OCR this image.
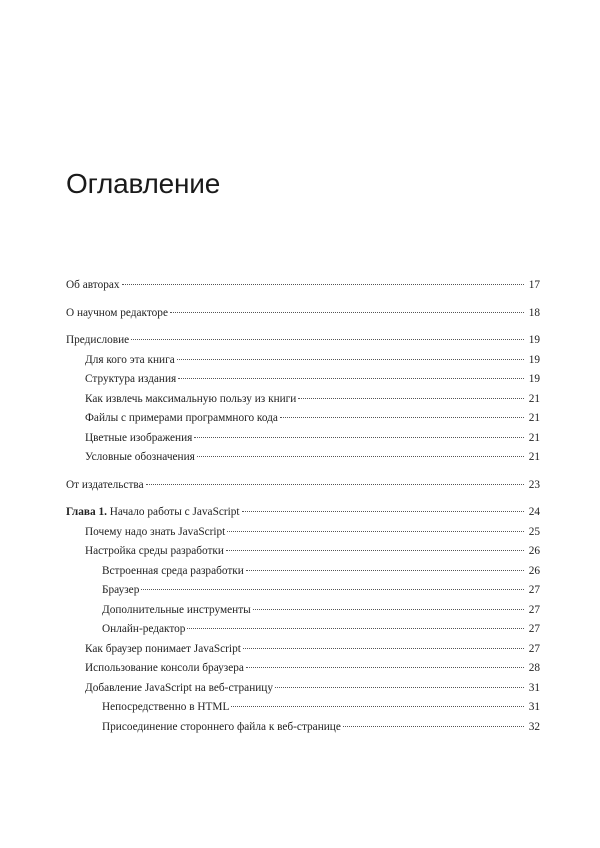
Оглавление
Об авторах	17
О научном редакторе	18
Предисловие	19
Для кого эта книга	19
Структура издания	19
Как извлечь максимальную пользу из книги	21
Файлы с примерами программного кода	21
Цветные изображения	21
Условные обозначения	21
От издательства	23
Глава 1. Начало работы с JavaScript	24
Почему надо знать JavaScript	25
Настройка среды разработки	26
Встроенная среда разработки	26
Браузер	27
Дополнительные инструменты	27
Онлайн-редактор	27
Как браузер понимает JavaScript	27
Использование консоли браузера	28
Добавление JavaScript на веб-страницу	31
Непосредственно в HTML	31
Присоединение стороннего файла к веб-странице	32
